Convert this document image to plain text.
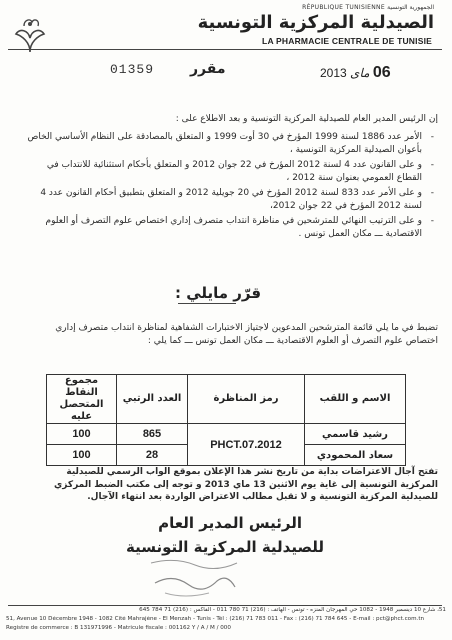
RÉPUBLIQUE TUNISIENNE الجمهورية التونسية
الصيدلية المركزية التونسية
LA PHARMACIE CENTRALE DE TUNISIE
01359	مقرر	06 ماى 2013
إن الرئيس المدير العام للصيدلية المركزية التونسية و بعد الاطلاع على :
- الأمر عدد 1886 لسنة 1999 المؤرخ في 30 أوت 1999 و المتعلق بالمصادقة على النظام الأساسي الخاص بأعوان الصيدلية المركزية التونسية ،
- و على القانون عدد 4 لسنة 2012 المؤرخ في 22 جوان 2012 و المتعلق بأحكام استثنائية للانتداب في القطاع العمومي بعنوان سنة 2012 ،
- و على الأمر عدد 833 لسنة 2012 المؤرخ في 20 جويلية 2012 و المتعلق بتطبيق أحكام القانون عدد 4 لسنة 2012 المؤرخ في 22 جوان 2012،
- و على الترتيب النهائي للمترشحين في مناظرة انتداب متصرف إداري اختصاص علوم التصرف أو العلوم الاقتصادية ـــ مكان العمل تونس .
قرّر مايلي :
تضبط في ما يلي قائمة المترشحين المدعوين لاجتياز الاختبارات الشفاهية لمناظرة انتداب متصرف إداري اختصاص علوم التصرف أو العلوم الاقتصادية ـــ مكان العمل تونس ـــ كما يلي :
الاسم و اللقب	رمز المناظرة	العدد الرتبي	مجموع النقاط المتحصل عليه
رشيد قاسمي	PHCT.07.2012	865	100
سعاد المحمودي		28	100
تفتح آجال الاعتراضات بداية من تاريخ نشر هذا الإعلان بموقع الواب الرسمي للصيدلية المركزية التونسية إلى غاية يوم الاثنين 13 ماي 2013 و توجه إلى مكتب الضبط المركزي للصيدلية المركزية التونسية و لا تقبل مطالب الاعتراض الواردة بعد انتهاء الآجال.
الرئيس المدير العام
للصيدلية المركزية التونسية
51، شارع 10 ديسمبر 1948 - 1082 حي المهرجان المنزه - تونس - الهاتف : (216) 71 780 011 - الفاكس : (216) 71 784 645
51, Avenue 10 Décembre 1948 - 1082 Cité Mahrajène - El Menzah - Tunis - Tél : (216) 71 783 011 - Fax : (216) 71 784 645 - E-mail : pct@phct.com.tn
Registre de commerce : B 131971996 - Matricule fiscale : 001162 Y / A / M / 000
